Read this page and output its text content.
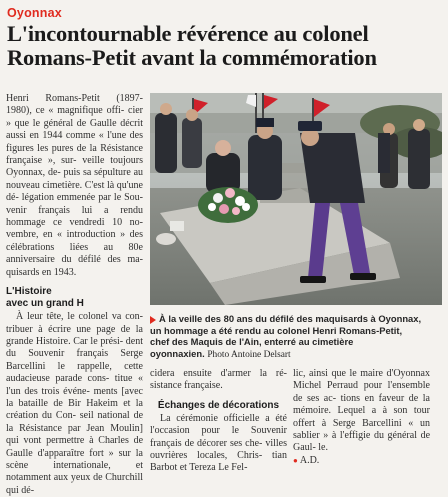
Oyonnax
L'incontournable révérence au colonel
Romans-Petit avant la commémoration

Henri Romans-Petit (1897- 1980), ce « magnifique offi- cier » que le général de Gaulle décrit aussi en 1944 comme « l'une des figures les pures de la Résistance française », sur- veille toujours Oyonnax, de- puis sa sépulture au nouveau cimetière. C'est là qu'une dé- légation emmenée par le Sou- venir français lui a rendu hommage ce vendredi 10 no- vembre, en « introduction » des célébrations liées au 80e anniversaire du défilé des ma- quisards en 1943.

L'Histoire
avec un grand H

À leur tête, le colonel va con- tribuer à écrire une page de la grande Histoire. Car le prési- dent du Souvenir français Serge Barcellini le rappelle, cette audacieuse parade cons- titue « l'un des trois événe- ments [avec la bataille de Bir Hakeim et la création du Con- seil national de la Résistance par Jean Moulin] qui vont permettre à Charles de Gaulle d'apparaître fort » sur la scène	internationale, et notamment aux yeux de Churchill qui dé-

À la veille des 80 ans du défilé des maquisards à Oyonnax,
un hommage a été rendu au colonel Henri Romans-Petit,
chef des Maquis de l'Ain, enterré au cimetière
oyonnaxien. Photo Antoine Delsart

cidera ensuite d'armer la ré- sistance française.

Échanges de décorations

La cérémonie officielle a été l'occasion pour le Souvenir français de décorer ses che- villes ouvrières locales, Chris- tian Barbot et Tereza Le Fel-

lic, ainsi que le maire d'Oyonnax Michel Perraud pour l'ensemble de ses ac- tions en faveur de la mémoire. Lequel a à son tour offert à Serge Barcellini « un sablier » à l'effigie du général de Gaul- le.

● A.D.
